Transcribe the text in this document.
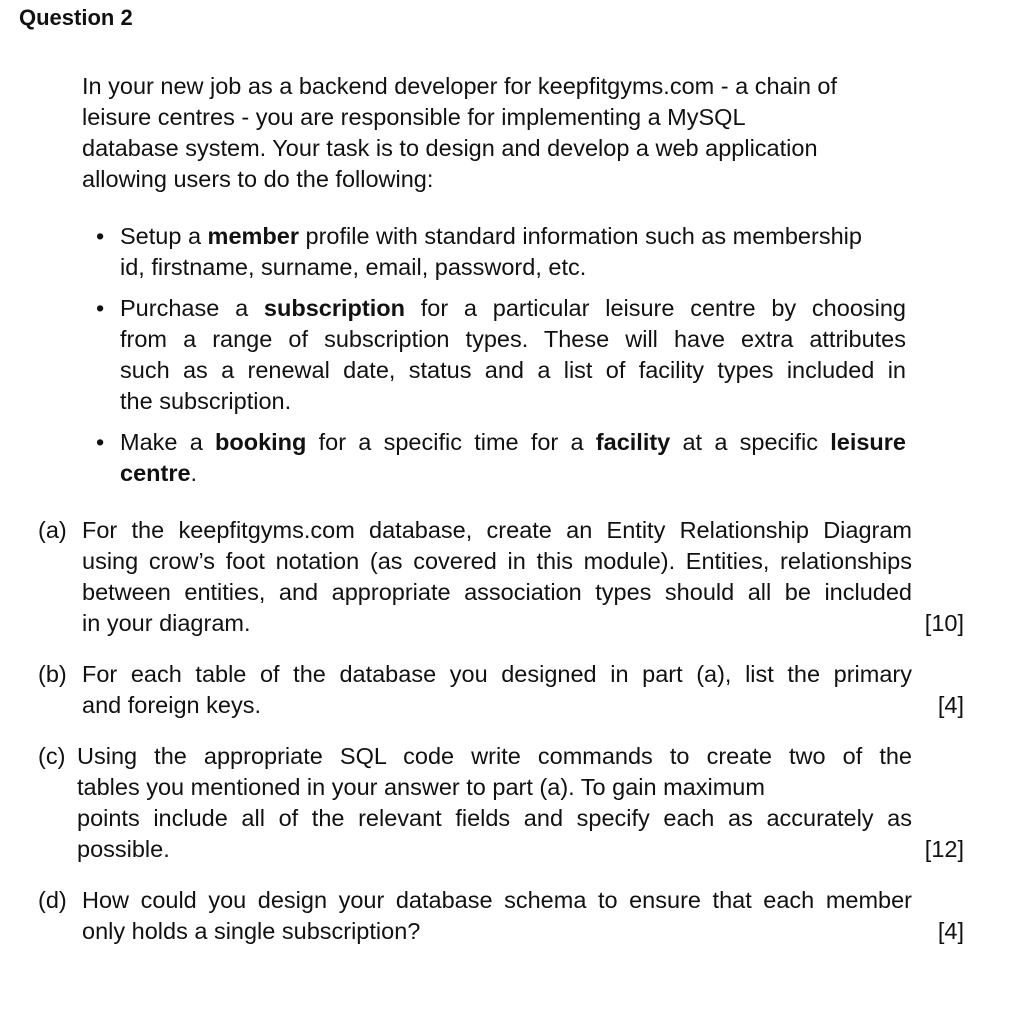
Question 2
In your new job as a backend developer for keepfitgyms.com - a chain of
leisure centres - you are responsible for implementing a MySQL
database system. Your task is to design and develop a web application
allowing users to do the following:
• Setup a member profile with standard information such as membership
id, firstname, surname, email, password, etc.
• Purchase a subscription for a particular leisure centre by choosing
from a range of subscription types. These will have extra attributes
such as a renewal date, status and a list of facility types included in
the subscription.
• Make a booking for a specific time for a facility at a specific leisure
centre.
(a) For the keepfitgyms.com database, create an Entity Relationship Diagram
using crow’s foot notation (as covered in this module). Entities, relationships
between entities, and appropriate association types should all be included
in your diagram.	[10]
(b) For each table of the database you designed in part (a), list the primary
and foreign keys.	[4]
(c) Using the appropriate SQL code write commands to create two of the
tables you mentioned in your answer to part (a). To gain maximum
points include all of the relevant fields and specify each as accurately as
possible.	[12]
(d) How could you design your database schema to ensure that each member
only holds a single subscription?	[4]
